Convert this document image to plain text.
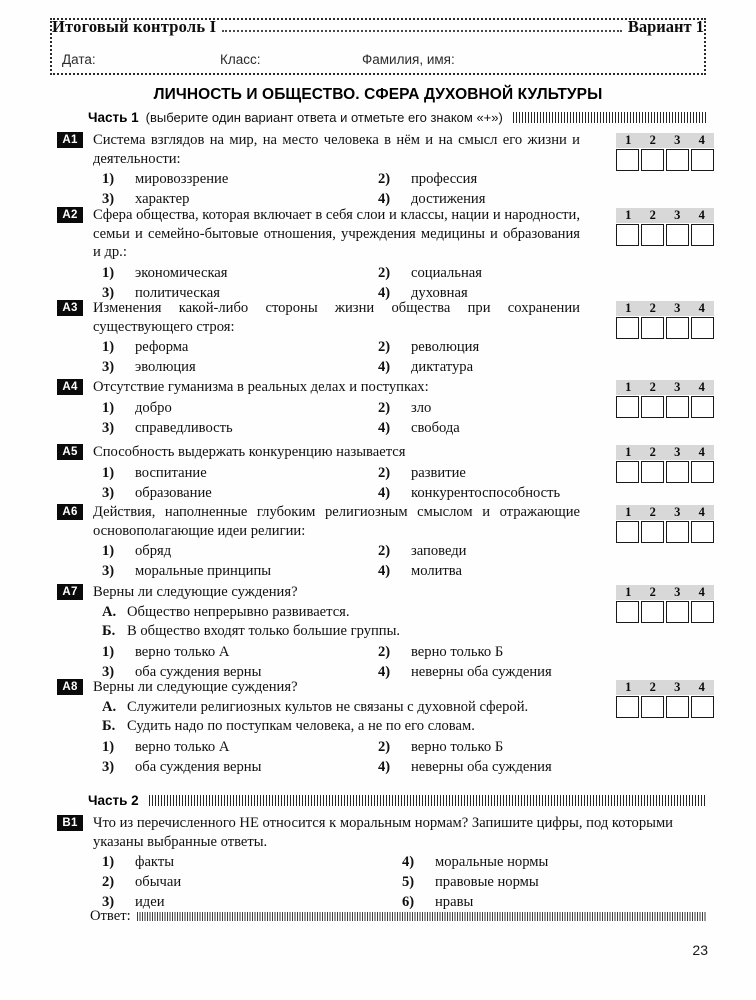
Итоговый контроль I	Вариант 1
Дата:	Класс:	Фамилия, имя:
ЛИЧНОСТЬ И ОБЩЕСТВО. СФЕРА ДУХОВНОЙ КУЛЬТУРЫ
Часть 1 (выберите один вариант ответа и отметьте его знаком «+»)
A1	Система взглядов на мир, на место человека в нём и на смысл его жизни и деятельности:
1) мировоззрение	2) профессия
3) характер	4) достижения
1	2	3	4
A2	Сфера общества, которая включает в себя слои и классы, нации и народности, семьи и семейно-бытовые отношения, учреждения медицины и образования и др.:
1) экономическая	2) социальная
3) политическая	4) духовная
1	2	3	4
A3	Изменения какой-либо стороны жизни общества при сохранении существующего строя:
1) реформа	2) революция
3) эволюция	4) диктатура
1	2	3	4
A4	Отсутствие гуманизма в реальных делах и поступках:
1) добро	2) зло
3) справедливость	4) свобода
1	2	3	4
A5	Способность выдержать конкуренцию называется
1) воспитание	2) развитие
3) образование	4) конкурентоспособность
1	2	3	4
A6	Действия, наполненные глубоким религиозным смыслом и отражающие основополагающие идеи религии:
1) обряд	2) заповеди
3) моральные принципы	4) молитва
1	2	3	4
A7	Верны ли следующие суждения?
А. Общество непрерывно развивается.
Б. В общество входят только большие группы.
1) верно только А	2) верно только Б
3) оба суждения верны	4) неверны оба суждения
1	2	3	4
A8	Верны ли следующие суждения?
А. Служители религиозных культов не связаны с духовной сферой.
Б. Судить надо по поступкам человека, а не по его словам.
1) верно только А	2) верно только Б
3) оба суждения верны	4) неверны оба суждения
1	2	3	4
Часть 2
B1	Что из перечисленного НЕ относится к моральным нормам? Запишите цифры, под которыми указаны выбранные ответы.
1) факты	4) моральные нормы
2) обычаи	5) правовые нормы
3) идеи	6) нравы
Ответ:
23
